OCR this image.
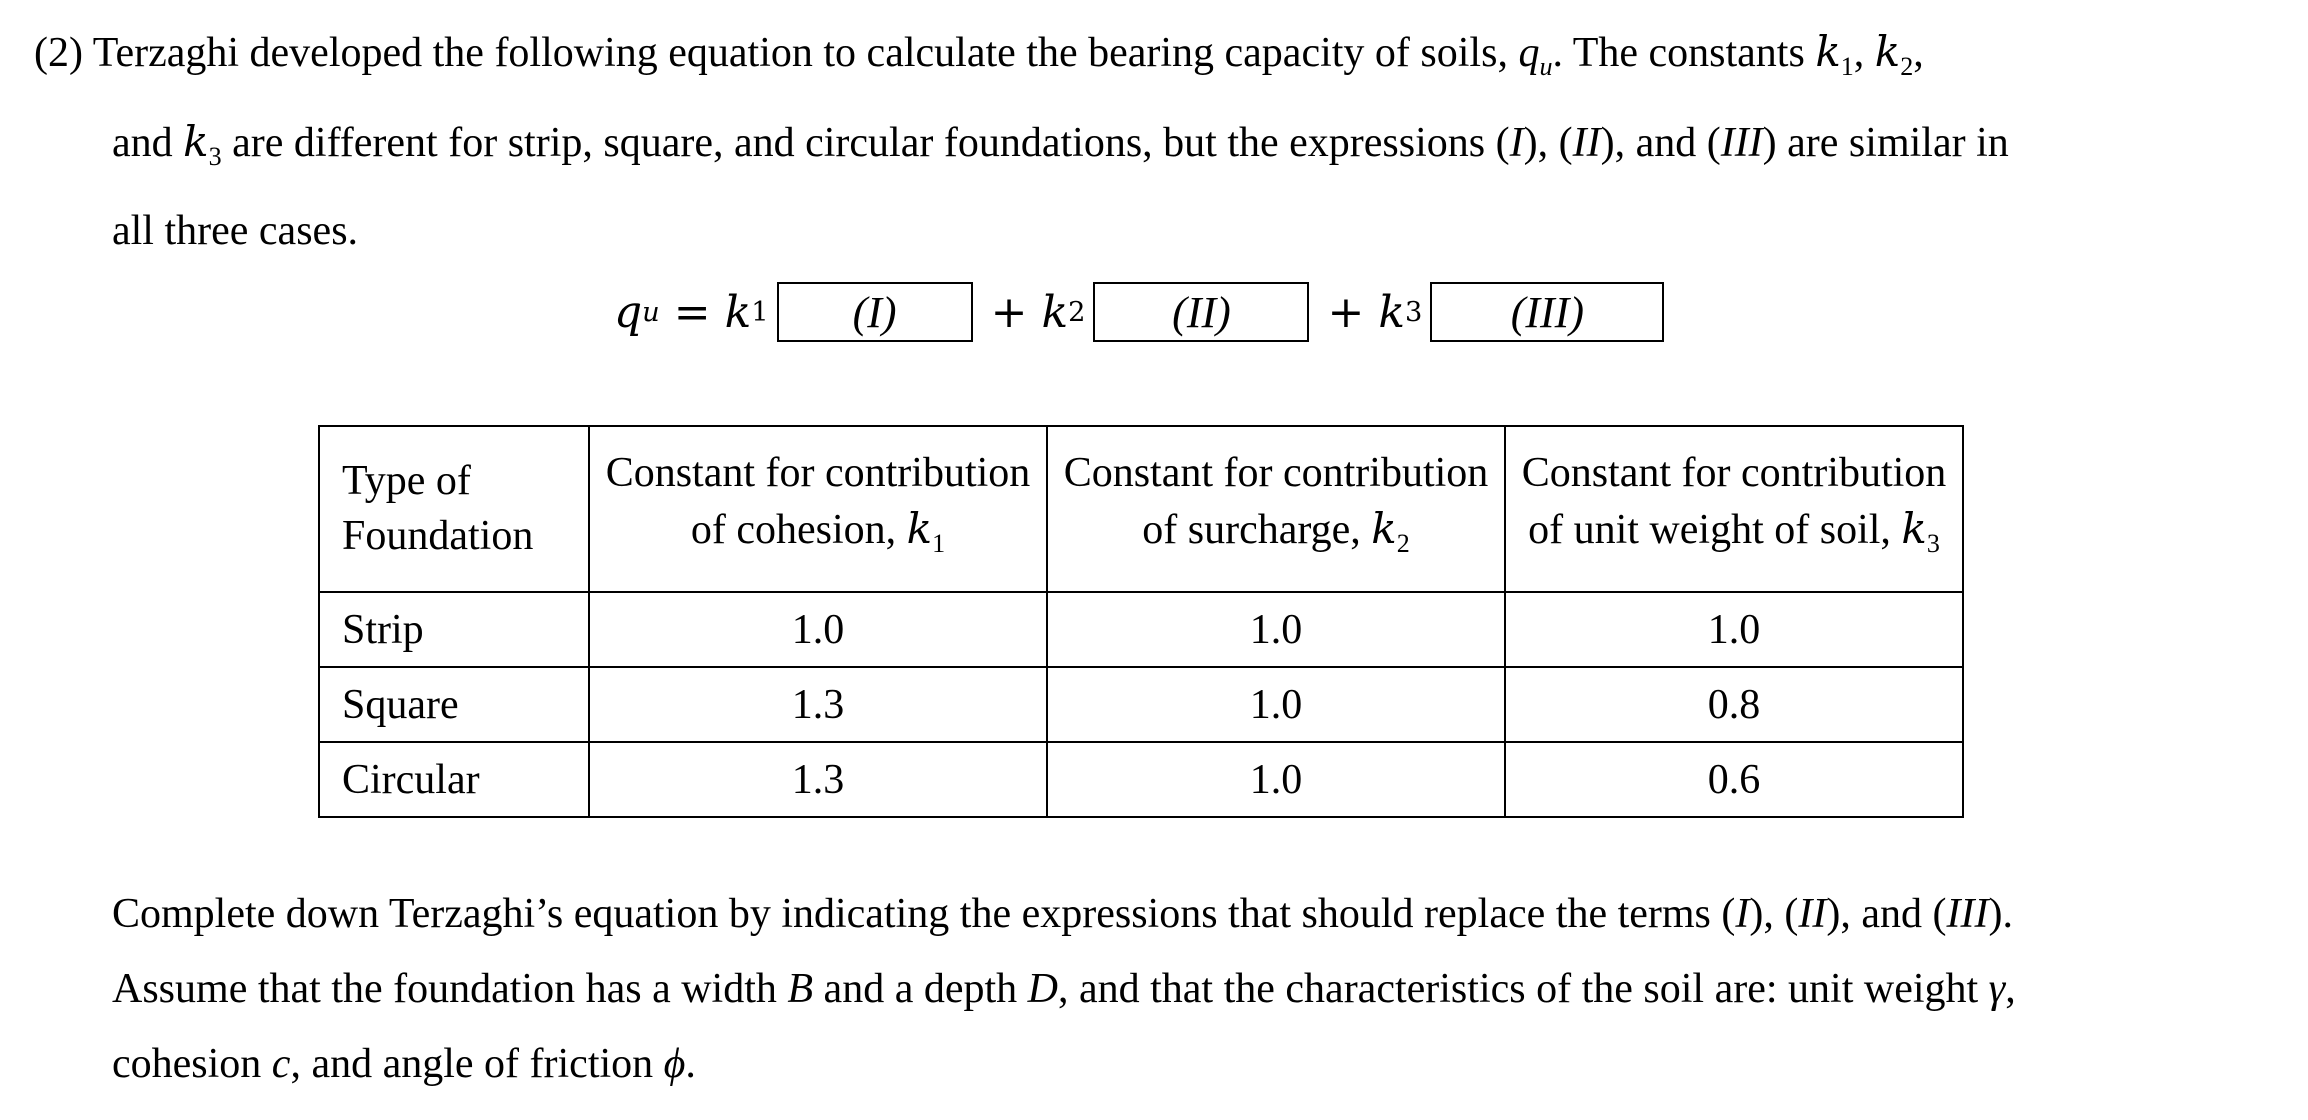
(2) Terzaghi developed the following equation to calculate the bearing capacity of soils, $q_u$. The constants $k_1$, $k_2$,
and $k_3$ are different for strip, square, and circular foundations, but the expressions (I), (II), and (III) are similar in
all three cases.

q u = k 1	(I)	+ k 2	(II)	+ k 3	(III)
Type of Foundation	Constant for contribution of cohesion, $k_1$	Constant for contribution of surcharge, $k_2$	Constant for contribution of unit weight of soil, $k_3$
Strip	1.0	1.0	1.0
Square	1.3	1.0	0.8
Circular	1.3	1.0	0.6

Complete down Terzaghi’s equation by indicating the expressions that should replace the terms (I), (II), and (III).
Assume that the foundation has a width B and a depth D, and that the characteristics of the soil are: unit weight γ,
cohesion c, and angle of friction ϕ.
